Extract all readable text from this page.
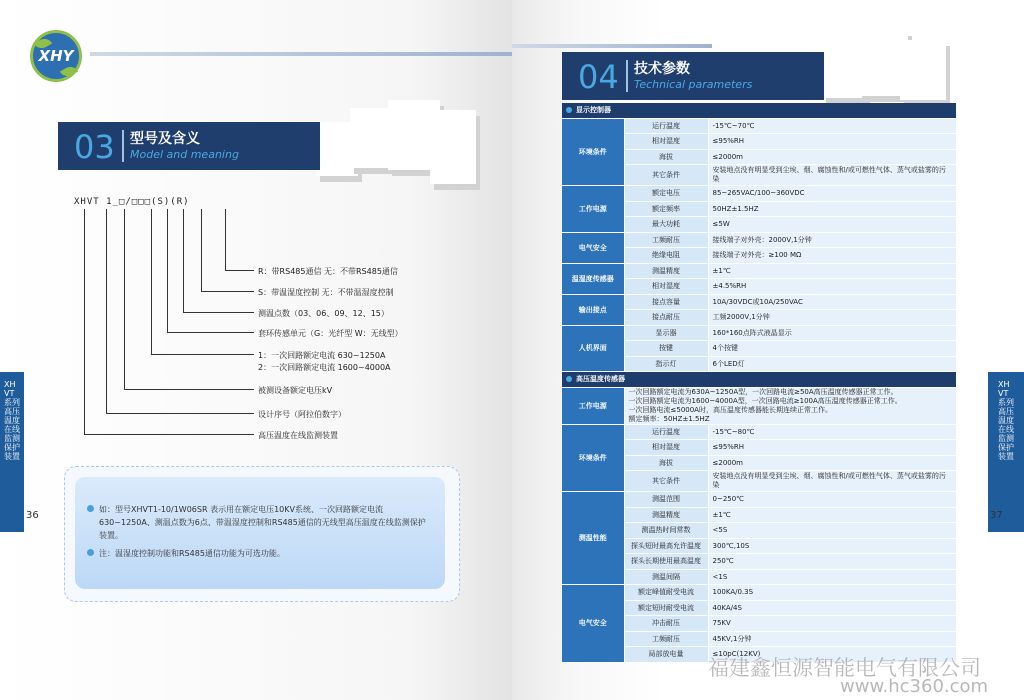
XHY
03 型号及含义
Model and meaning
XHVT 1_□/□□□(S)(R)
R：带RS485通信 无：不带RS485通信
S：带温湿度控制 无：不带温湿度控制
测温点数（03、06、09、12、15）
套环传感单元（G：光纤型 W：无线型）
1：一次回路额定电流 630~1250A
2：一次回路额定电流 1600~4000A
被测设备额定电压kV
设计序号（阿拉伯数字）
高压温度在线监测装置
如：型号XHVT1-10/1W06SR 表示用在额定电压10KV系统、一次回路额定电流630~1250A、测温点数为6点、带温湿度控制和RS485通信的无线型高压温度在线监测保护装置。
注：温湿度控制功能和RS485通信功能为可选功能。
XHVT系列 高压温度在线监测保护装置
36
04 技术参数
Technical parameters
XHVT系列 高压温度在线监测保护装置
37
显示控制器		
环境条件	运行温度	-15℃~70℃
	相对湿度	≤95%RH
	海拔	≤2000m
	其它条件	安装地点没有明显受到尘埃、烟、腐蚀性和/或可燃性气体、蒸气或盐雾的污染
工作电源	额定电压	85~265VAC/100~360VDC
	额定频率	50HZ±1.5HZ
	最大功耗	≤5W
电气安全	工频耐压	接线端子对外壳：2000V,1分钟
	绝缘电阻	接线端子对外壳：≥100 MΩ
温湿度传感器	测温精度	±1℃
	相对湿度	±4.5%RH
输出接点	接点容量	10A/30VDC或10A/250VAC
	接点耐压	工频2000V,1分钟
人机界面	显示器	160*160点阵式液晶显示
	按键	4个按键
	指示灯	6个LED灯
高压温度传感器		
工作电源	一次回路额定电流为630A~1250A型，一次回路电流≥50A高压温度传感器正常工作。
一次回路额定电流为1600~4000A型，一次回路电流≥100A高压温度传感器正常工作。
一次回路电流≤5000A时，高压温度传感器能长期连续正常工作。
额定频率：50HZ±1.5HZ	

环境条件	运行温度	-15℃~80℃
	相对湿度	≤95%RH
	海拔	≤2000m
	其它条件	安装地点没有明显受到尘埃、烟、腐蚀性和/或可燃性气体、蒸气或盐雾的污染
测温性能	测温范围	0~250℃
	测温精度	±1℃
	测温热时间常数	<5S
	探头短时最高允许温度	300℃,10S
	探头长期使用最高温度	250℃
	测温间隔	<1S
电气安全	额定峰值耐受电流	100KA/0.3S
	额定短时耐受电流	40KA/4S
	冲击耐压	75KV
	工频耐压	45KV,1分钟
	局部放电量	≤10pC(12KV)
福建鑫恒源智能电气有限公司
www.hc360.com
